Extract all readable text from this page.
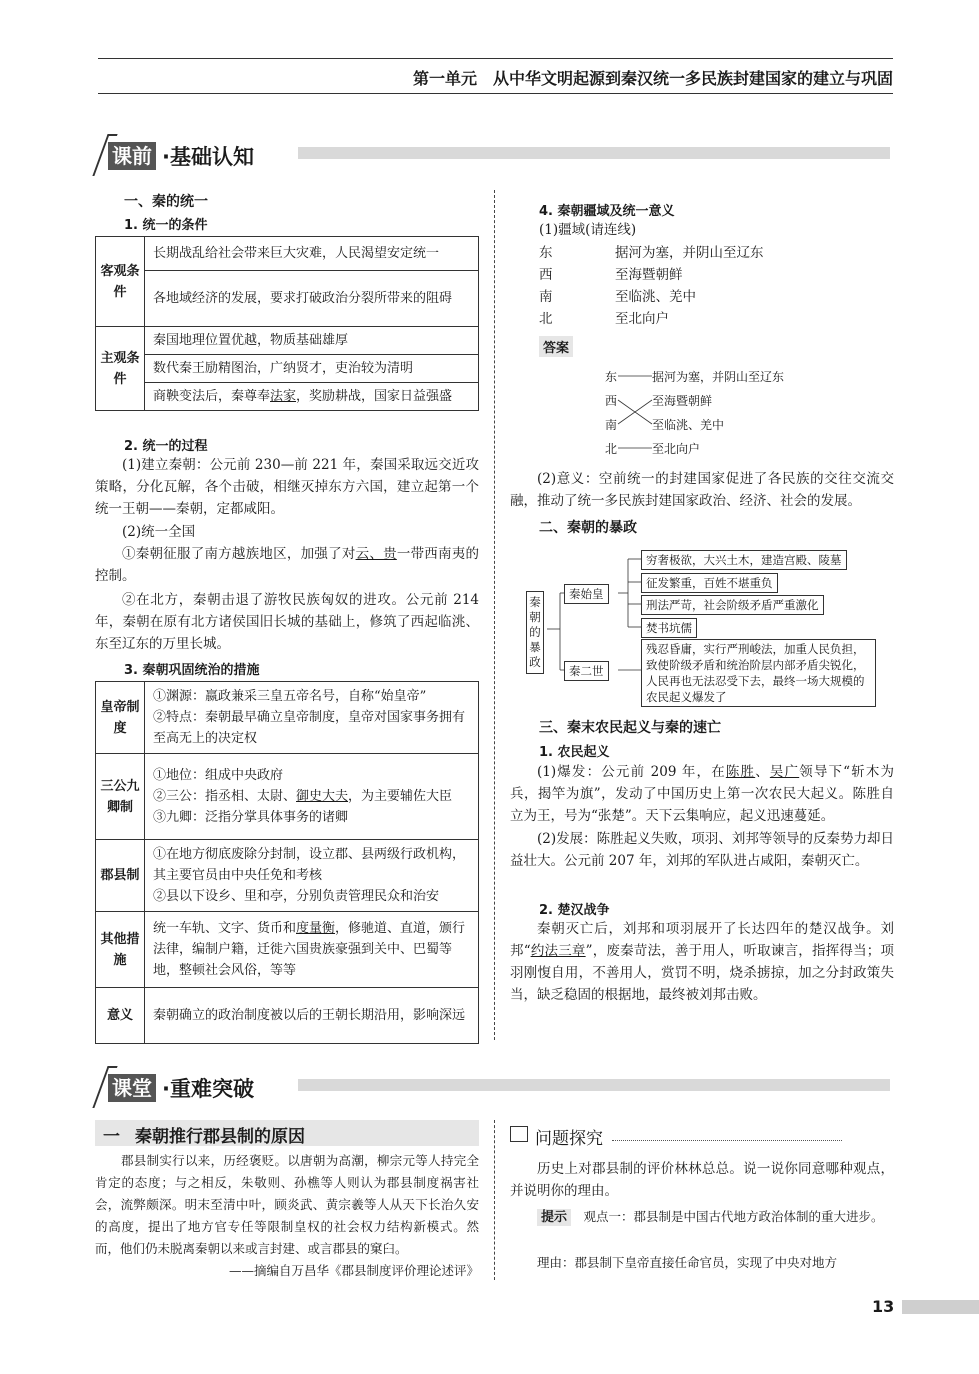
第一单元　从中华文明起源到秦汉统一多民族封建国家的建立与巩固
课前 ·基础认知
一、秦的统一
1. 统一的条件
客观条件	长期战乱给社会带来巨大灾难，人民渴望安定统一
	各地域经济的发展，要求打破政治分裂所带来的阻碍
主观条件	秦国地理位置优越，物质基础雄厚
	数代秦王励精图治，广纳贤才，吏治较为清明
	商鞅变法后，秦尊奉法家，奖励耕战，国家日益强盛
2. 统一的过程
(1)建立秦朝：公元前 230—前 221 年，秦国采取远交近攻策略，分化瓦解，各个击破，相继灭掉东方六国，建立起第一个统一王朝——秦朝，定都咸阳。
(2)统一全国
①秦朝征服了南方越族地区，加强了对云、贵一带西南夷的控制。
②在北方，秦朝击退了游牧民族匈奴的进攻。公元前 214 年，秦朝在原有北方诸侯国旧长城的基础上，修筑了西起临洮、东至辽东的万里长城。
3. 秦朝巩固统治的措施
皇帝制度	①渊源：嬴政兼采三皇五帝名号，自称“始皇帝”
②特点：秦朝最早确立皇帝制度，皇帝对国家事务拥有至高无上的决定权

三公九卿制	①地位：组成中央政府
②三公：指丞相、太尉、御史大夫，为主要辅佐大臣
③九卿：泛指分掌具体事务的诸卿

郡县制	①在地方彻底废除分封制，设立郡、县两级行政机构，其主要官员由中央任免和考核
②县以下设乡、里和亭，分别负责管理民众和治安

其他措施	统一车轨、文字、货币和度量衡，修驰道、直道，颁行法律，编制户籍，迁徙六国贵族豪强到关中、巴蜀等地，整顿社会风俗，等等
意义	秦朝确立的政治制度被以后的王朝长期沿用，影响深远
4. 秦朝疆域及统一意义
(1)疆域(请连线)
东	据河为塞，并阴山至辽东
西	至海暨朝鲜
南	至临洮、羌中
北	至北向户
答案
东
西
南
北
据河为塞，并阴山至辽东
至海暨朝鲜
至临洮、羌中
至北向户
(2)意义：空前统一的封建国家促进了各民族的交往交流交融，推动了统一多民族封建国家政治、经济、社会的发展。
二、秦朝的暴政
秦朝的暴政
秦始皇
秦二世
穷奢极欲，大兴土木，建造宫殿、陵墓
征发繁重，百姓不堪重负
刑法严苛，社会阶级矛盾严重激化
焚书坑儒
残忍昏庸，实行严刑峻法，加重人民负担，致使阶级矛盾和统治阶层内部矛盾尖锐化，人民再也无法忍受下去，最终一场大规模的农民起义爆发了
三、秦末农民起义与秦的速亡
1. 农民起义
(1)爆发：公元前 209 年，在陈胜、吴广领导下“斩木为兵，揭竿为旗”，发动了中国历史上第一次农民大起义。陈胜自立为王，号为“张楚”。天下云集响应，起义迅速蔓延。
(2)发展：陈胜起义失败，项羽、刘邦等领导的反秦势力却日益壮大。公元前 207 年，刘邦的军队进占咸阳，秦朝灭亡。
2. 楚汉战争
秦朝灭亡后，刘邦和项羽展开了长达四年的楚汉战争。刘邦“约法三章”，废秦苛法，善于用人，听取谏言，指挥得当；项羽刚愎自用，不善用人，赏罚不明，烧杀掳掠，加之分封政策失当，缺乏稳固的根据地，最终被刘邦击败。
课堂 ·重难突破
一 秦朝推行郡县制的原因
郡县制实行以来，历经褒贬。以唐朝为高潮，柳宗元等人持完全肯定的态度；与之相反，朱敬则、孙樵等人则认为郡县制度祸害社会，流弊颇深。明末至清中叶，顾炎武、黄宗羲等人从天下长治久安的高度，提出了地方官专任等限制皇权的社会权力结构新模式。然而，他们仍未脱离秦朝以来或言封建、或言郡县的窠臼。
——摘编自万昌华《郡县制度评价理论述评》
问题探究
历史上对郡县制的评价林林总总。说一说你同意哪种观点，并说明你的理由。
提示　 观点一：郡县制是中国古代地方政治体制的重大进步。
理由：郡县制下皇帝直接任命官员，实现了中央对地方
13
